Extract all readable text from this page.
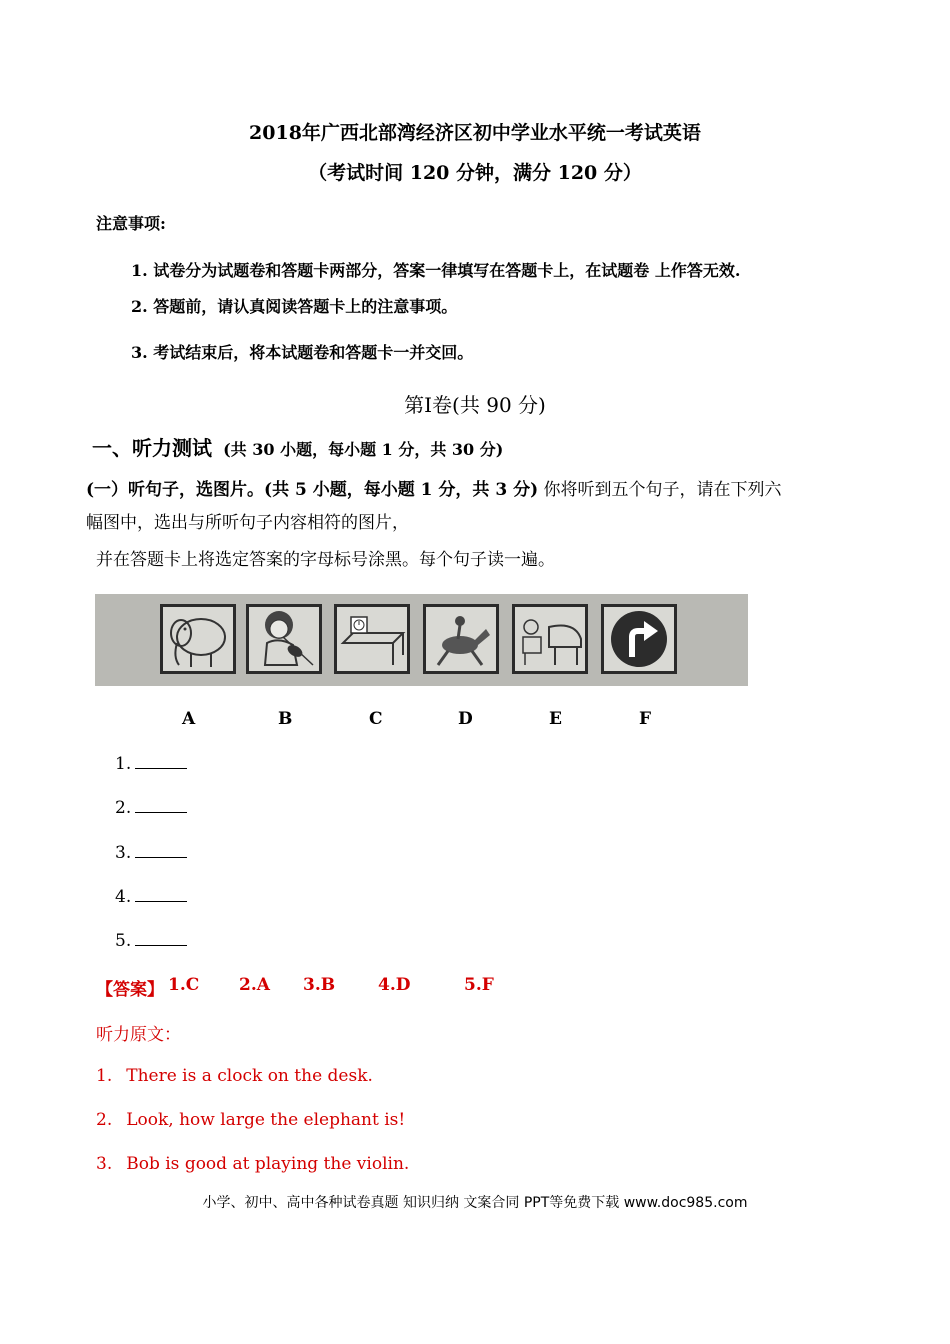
2018年广西北部湾经济区初中学业水平统一考试英语
（考试时间 120 分钟，满分 120 分）
注意事项:
1. 试卷分为试题卷和答题卡两部分，答案一律填写在答题卡上，在试题卷 上作答无效.
2. 答题前，请认真阅读答题卡上的注意事项。
3. 考试结束后，将本试题卷和答题卡一并交回。
第Ⅰ卷(共 90 分)
一、听力测试 (共 30 小题，每小题 1 分，共 30 分)
(一）听句子，选图片。(共 5 小题，每小题 1 分，共 3 分) 你将听到五个句子，请在下列六
幅图中，选出与所听句子内容相符的图片，
并在答题卡上将选定答案的字母标号涂黑。每个句子读一遍。
A	B	C	D	E	F
1.
2.
3.
4.
5.
【答案】 1.C 2.A 3.B	4.D	5.F
听力原文：
1. There is a clock on the desk.
2. Look, how large the elephant is!
3. Bob is good at playing the violin.
小学、初中、高中各种试卷真题 知识归纳 文案合同 PPT等免费下载 www.doc985.com
